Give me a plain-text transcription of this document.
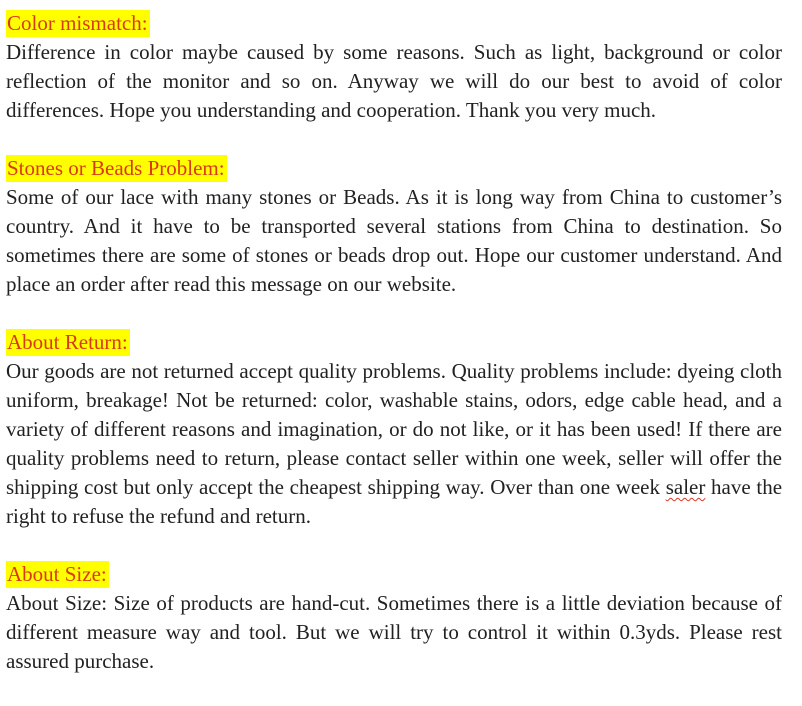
Color mismatch:

Difference in color maybe caused by some reasons. Such as light, background or color reflection of the monitor and so on. Anyway we will do our best to avoid of color differences. Hope you understanding and cooperation. Thank you very much.

Stones or Beads Problem:

Some of our lace with many stones or Beads. As it is long way from China to customer’s country. And it have to be transported several stations from China to destination. So sometimes there are some of stones or beads drop out. Hope our customer understand. And place an order after read this message on our website.

About Return:

Our goods are not returned accept quality problems. Quality problems include: dyeing cloth uniform, breakage! Not be returned: color, washable stains, odors, edge cable head, and a variety of different reasons and imagination, or do not like, or it has been used! If there are quality problems need to return, please contact seller within one week, seller will offer the shipping cost but only accept the cheapest shipping way. Over than one week saler have the right to refuse the refund and return.

About Size:

About Size: Size of products are hand-cut. Sometimes there is a little deviation because of different measure way and tool. But we will try to control it within 0.3yds. Please rest assured purchase.
